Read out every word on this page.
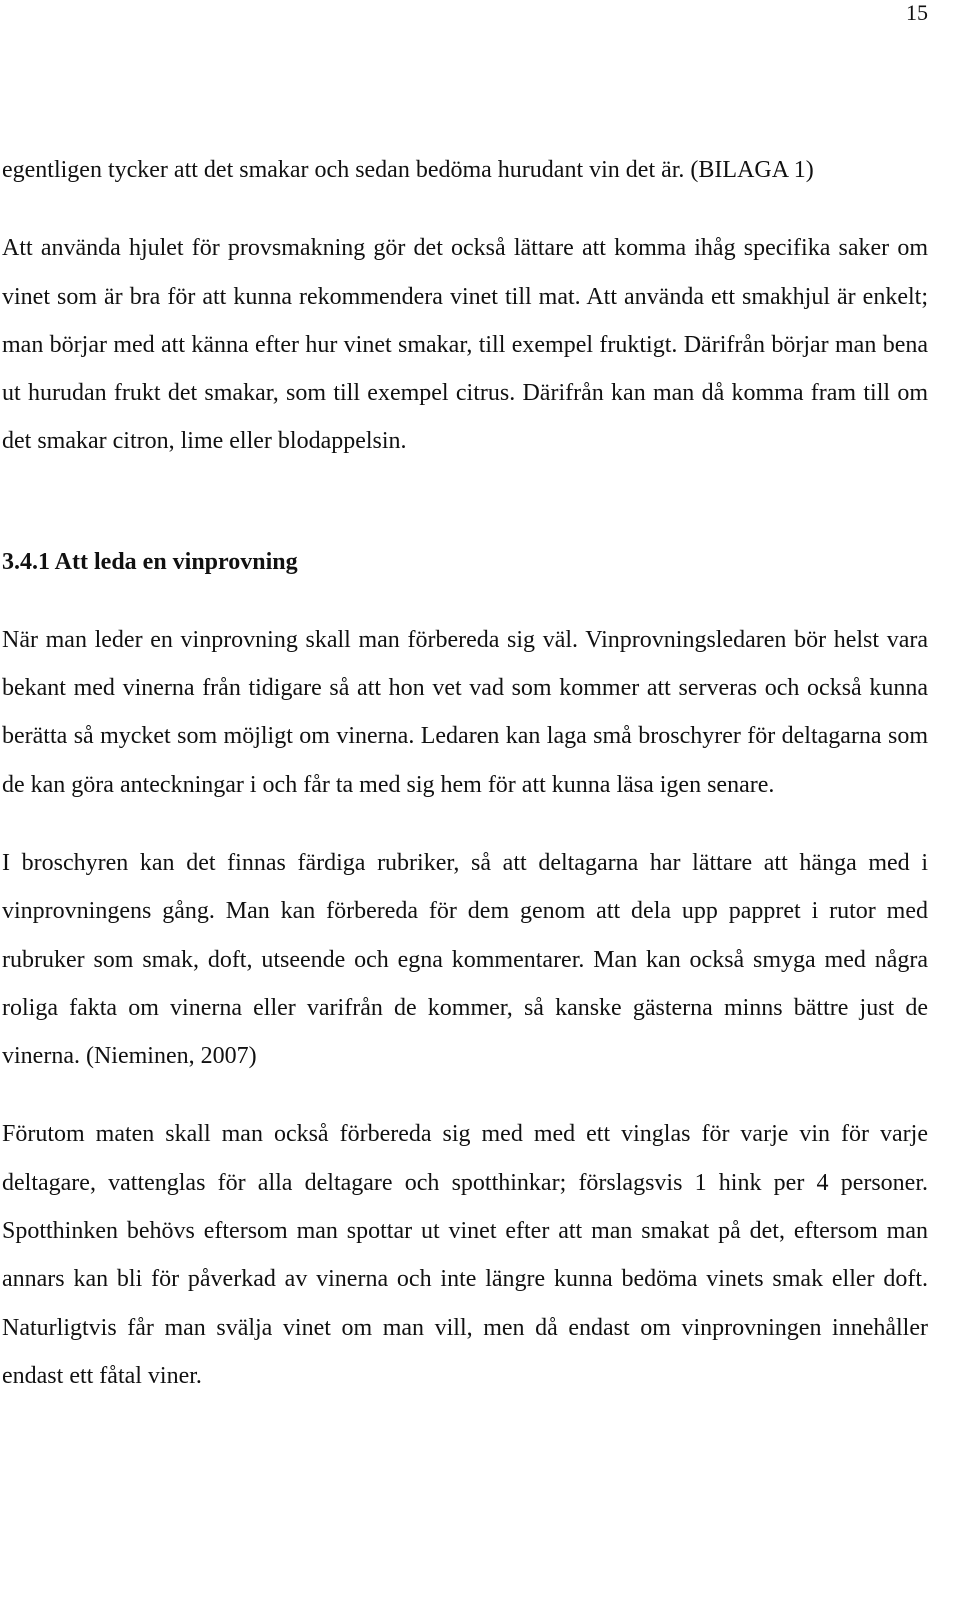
15

egentligen tycker att det smakar och sedan bedöma hurudant vin det är. (BILAGA 1)

Att använda hjulet för provsmakning gör det också lättare att komma ihåg specifika saker om vinet som är bra för att kunna rekommendera vinet till mat. Att använda ett smakhjul är enkelt; man börjar med att känna efter hur vinet smakar, till exempel fruktigt. Därifrån börjar man bena ut hurudan frukt det smakar, som till exempel citrus. Därifrån kan man då komma fram till om det smakar citron, lime eller blodappelsin.

3.4.1 Att leda en vinprovning

När man leder en vinprovning skall man förbereda sig väl. Vinprovningsledaren bör helst vara bekant med vinerna från tidigare så att hon vet vad som kommer att serveras och också kunna berätta så mycket som möjligt om vinerna. Ledaren kan laga små broschyrer för deltagarna som de kan göra anteckningar i och får ta med sig hem för att kunna läsa igen senare.

I broschyren kan det finnas färdiga rubriker, så att deltagarna har lättare att hänga med i vinprovningens gång. Man kan förbereda för dem genom att dela upp pappret i rutor med rubruker som smak, doft, utseende och egna kommentarer. Man kan också smyga med några roliga fakta om vinerna eller varifrån de kommer, så kanske gästerna minns bättre just de vinerna. (Nieminen, 2007)

Förutom maten skall man också förbereda sig med med ett vinglas för varje vin för varje deltagare, vattenglas för alla deltagare och spotthinkar; förslagsvis 1 hink per 4 personer. Spotthinken behövs eftersom man spottar ut vinet efter att man smakat på det, eftersom man annars kan bli för påverkad av vinerna och inte längre kunna bedöma vinets smak eller doft. Naturligtvis får man svälja vinet om man vill, men då endast om vinprovningen innehåller endast ett fåtal viner.
